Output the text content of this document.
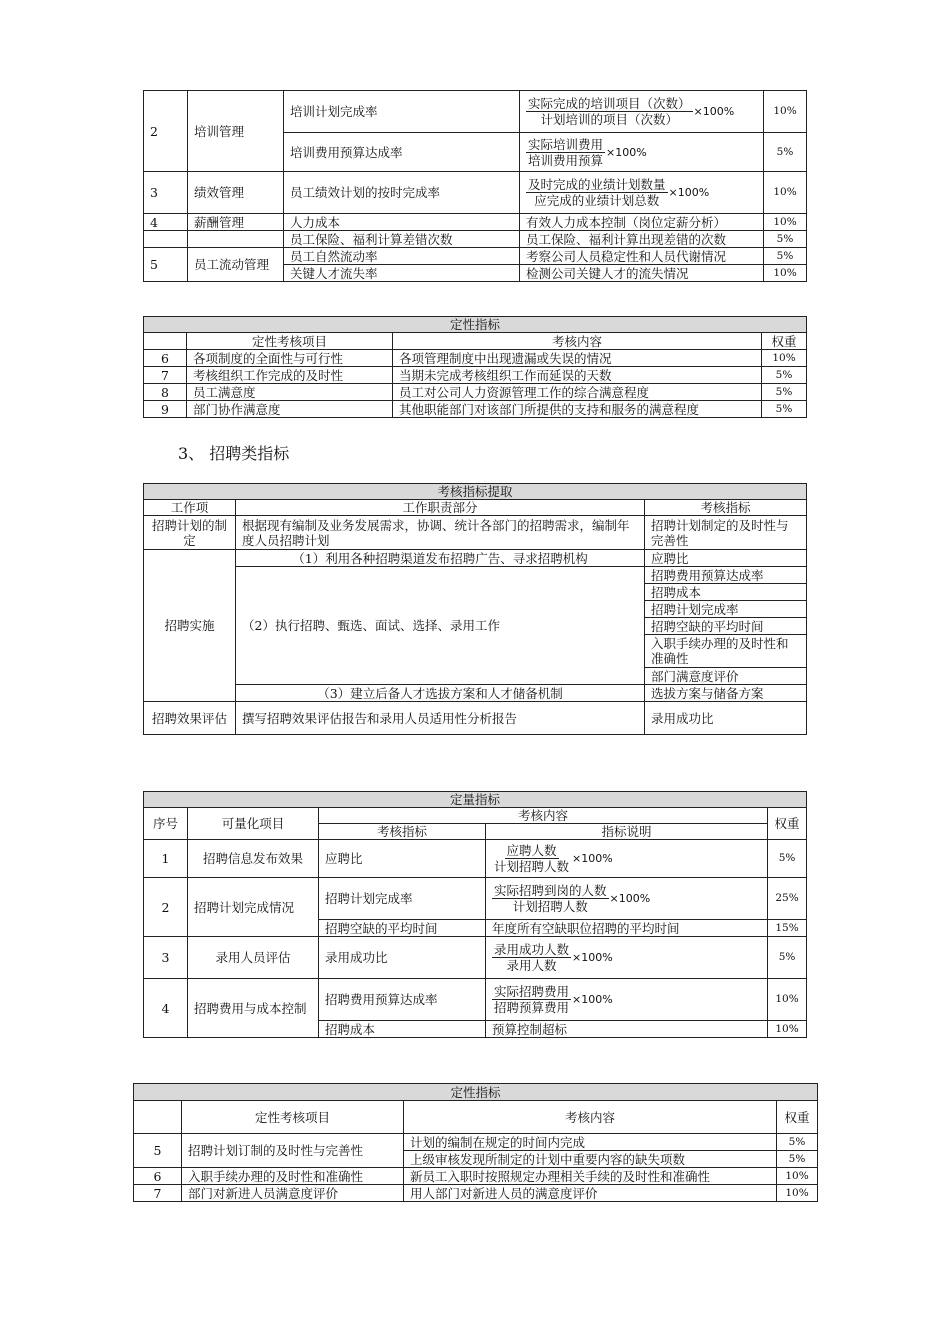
2	培训管理	培训计划完成率	$\frac{\text{实际完成的培训项目（次数）}}{\text{计划培训的项目（次数）}} \times 100\%$	10%
		培训费用预算达成率	$\frac{\text{实际培训费用}}{\text{培训费用预算}} \times 100\%$	5%
3	绩效管理	员工绩效计划的按时完成率	$\frac{\text{及时完成的业绩计划数量}}{\text{应完成的业绩计划总数}} \times 100\%$	10%
4	薪酬管理	人力成本	有效人力成本控制（岗位定薪分析）	10%
		员工保险、福利计算差错次数	员工保险、福利计算出现差错的次数	5%
5	员工流动管理	员工自然流动率	考察公司人员稳定性和人员代谢情况	5%
		关键人才流失率	检测公司关键人才的流失情况	10%
定性指标			
	定性考核项目	考核内容	权重
6	各项制度的全面性与可行性	各项管理制度中出现遗漏或失误的情况	10%
7	考核组织工作完成的及时性	当期未完成考核组织工作而延误的天数	5%
8	员工满意度	员工对公司人力资源管理工作的综合满意程度	5%
9	部门协作满意度	其他职能部门对该部门所提供的支持和服务的满意程度	5%
3、 招聘类指标
考核指标提取		
工作项	工作职责部分	考核指标
招聘计划的制定	根据现有编制及业务发展需求，协调、统计各部门的招聘需求，编制年度人员招聘计划	招聘计划制定的及时性与完善性
招聘实施	（1）利用各种招聘渠道发布招聘广告、寻求招聘机构	应聘比
	（2）执行招聘、甄选、面试、选择、录用工作	招聘费用预算达成率
		招聘成本
		招聘计划完成率
		招聘空缺的平均时间
		入职手续办理的及时性和准确性
		部门满意度评价
	（3）建立后备人才选拔方案和人才储备机制	选拔方案与储备方案
招聘效果评估	撰写招聘效果评估报告和录用人员适用性分析报告	录用成功比
定量指标				
序号	可量化项目	考核内容		权重
		考核指标	指标说明	
1	招聘信息发布效果	应聘比	$\frac{\text{应聘人数}}{\text{计划招聘人数}} \times 100\%$	5%
2	招聘计划完成情况	招聘计划完成率	$\frac{\text{实际招聘到岗的人数}}{\text{计划招聘人数}} \times 100\%$	25%
		招聘空缺的平均时间	年度所有空缺职位招聘的平均时间	15%
3	录用人员评估	录用成功比	$\frac{\text{录用成功人数}}{\text{录用人数}} \times 100\%$	5%
4	招聘费用与成本控制	招聘费用预算达成率	$\frac{\text{实际招聘费用}}{\text{招聘预算费用}} \times 100\%$	10%
		招聘成本	预算控制超标	10%
定性指标			
	定性考核项目	考核内容	权重
5	招聘计划订制的及时性与完善性	计划的编制在规定的时间内完成	5%
		上级审核发现所制定的计划中重要内容的缺失项数	5%
6	入职手续办理的及时性和准确性	新员工入职时按照规定办理相关手续的及时性和准确性	10%
7	部门对新进人员满意度评价	用人部门对新进人员的满意度评价	10%
